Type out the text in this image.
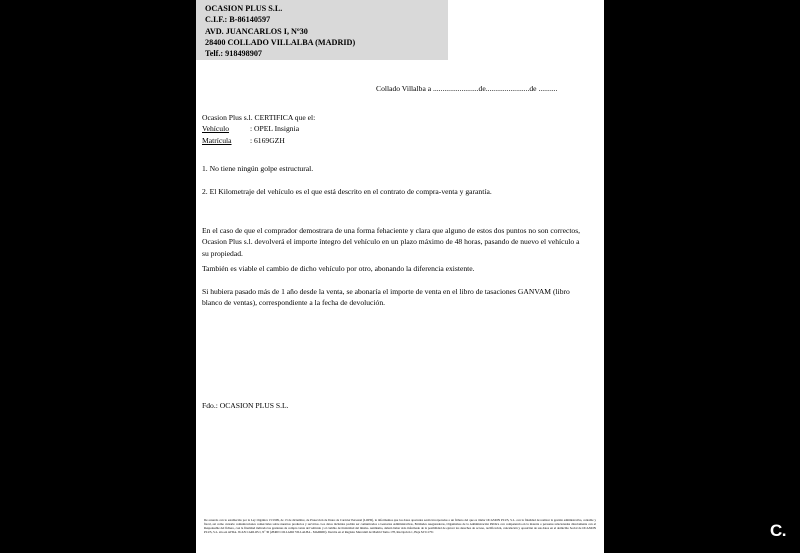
OCASION PLUS S.L.
C.I.F.: B-86140597
AVD. JUANCARLOS I, Nº30
28400 COLLADO VILLALBA (MADRID)
Telf.: 918498907
Collado Villalba a ........................de.......................de ..........
Ocasion Plus s.l. CERTIFICA que el:
Vehículo	: OPEL Insignia
Matrícula : 6169GZH
1. No tiene ningún golpe estructural.
2. El Kilometraje del vehículo es el que está descrito en el contrato de compra-venta y garantía.
En el caso de que el comprador demostrara de una forma fehaciente y clara que alguno de estos dos puntos no son correctos, Ocasion Plus s.l. devolverá el importe íntegro del vehículo en un plazo máximo de 48 horas, pasando de nuevo el vehículo a su propiedad.
También es viable el cambio de dicho vehículo por otro, abonando la diferencia existente.
Si hubiera pasado más de 1 año desde la venta, se abonaría el importe de venta en el libro de tasaciones GANVAM (libro blanco de ventas), correspondiente a la fecha de devolución.
Fdo.: OCASION PLUS S.L.
De acuerdo con lo establecido por la Ley Orgánica 15/1999, de 13 de diciembre, de Protección de Datos de Carácter Personal (LOPD), le informamos que los datos aportados serán incorporados a un fichero del que es titular OCASION PLUS, S.L. con la finalidad de realizar la gestión administrativa, contable y fiscal, así como cursarle comunicaciones comerciales sobre nuestros productos y servicios. Los datos incluidos podrán ser comunicados a Gestorías Administrativas, Entidades Aseguradoras, Organismos de la Administración Pública con competencia en la materia o personas relacionadas directamente con el Responsable del fichero, con la finalidad indicada las gestiones de compra venta del vehículo y el cambio de titularidad del mismo. Asimismo, deberá haber sido informado de la posibilidad de ejercer los derechos de acceso, rectificación, cancelación y oposición de sus datos en el domicilio Social de OCASION PLUS, S.L. sito en AVDA. JUAN CARLOS I, Nº 30 (28400 COLLADO VILLALBA - MADRID). Inscrita en el Registro Mercantil de Madrid Tomo 178, Inscripción 1, Hoja M 511751	C.
